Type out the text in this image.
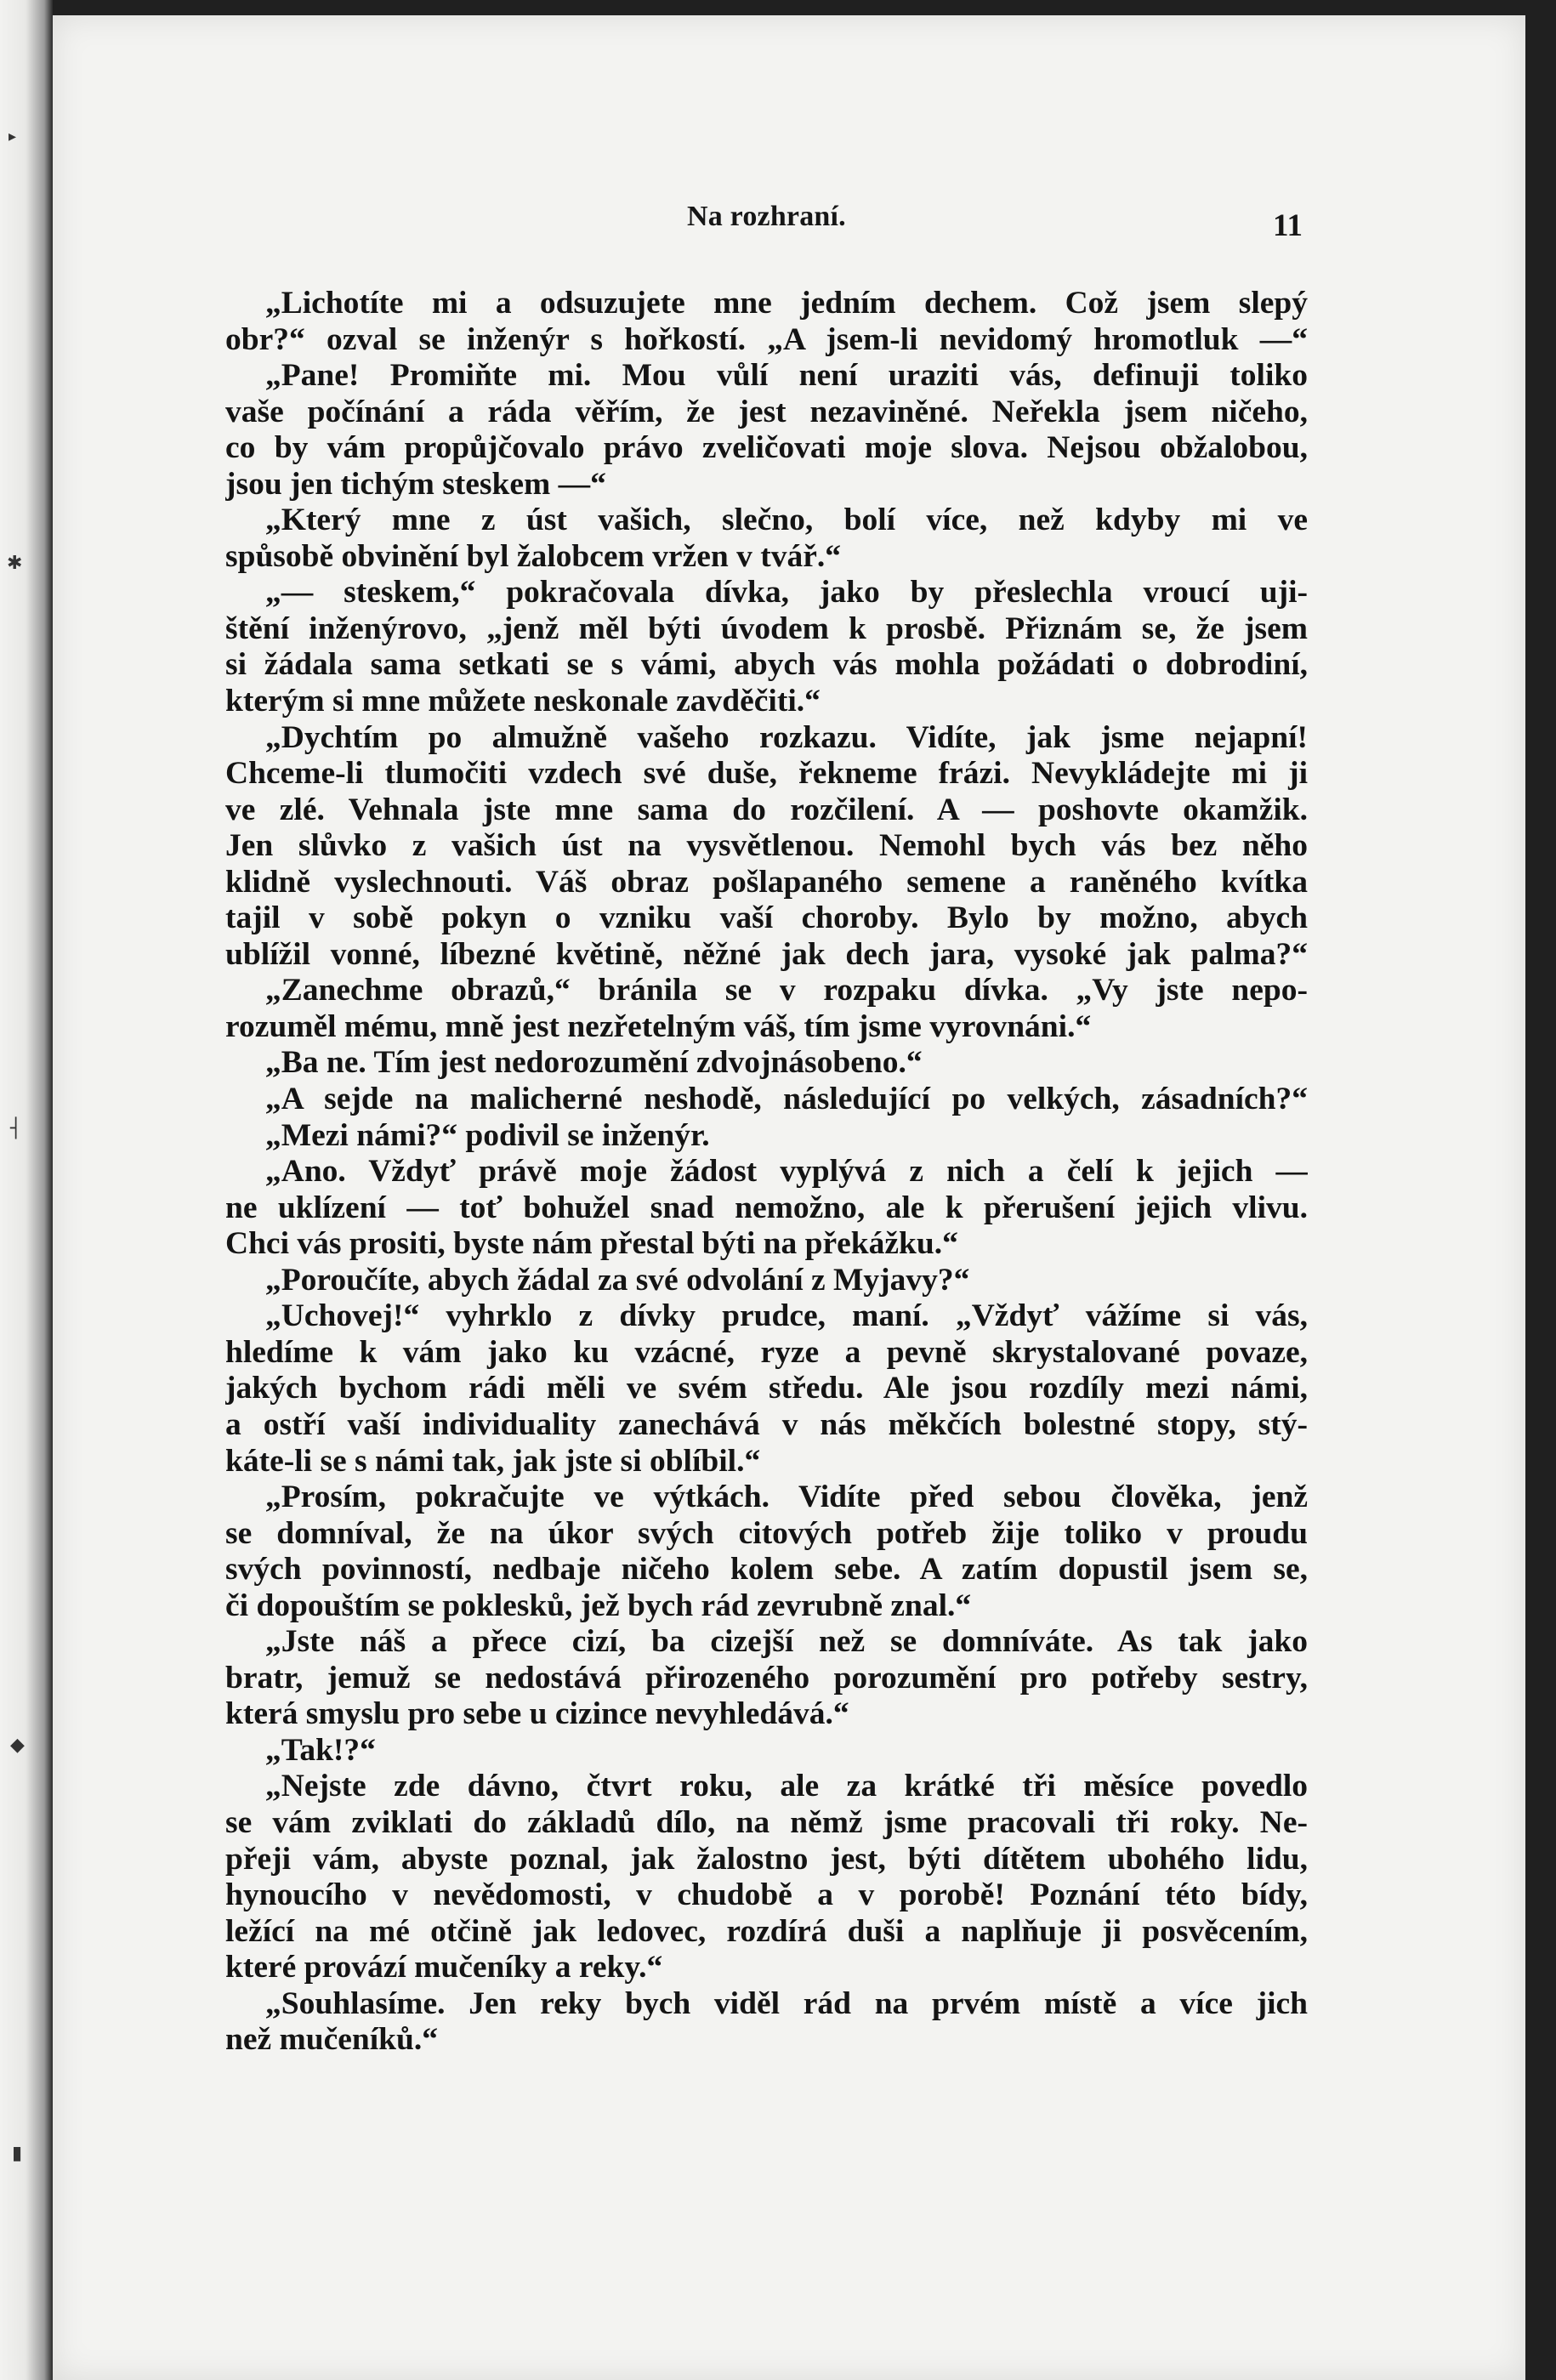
Na rozhraní.	11
„Lichotíte mi a odsuzujete mne jedním dechem. Což jsem slepý
obr?“ ozval se inženýr s hořkostí. „A jsem-li nevidomý hromotluk —“
„Pane! Promiňte mi. Mou vůlí není uraziti vás, definuji toliko
vaše počínání a ráda věřím, že jest nezaviněné. Neřekla jsem ničeho,
co by vám propůjčovalo právo zveličovati moje slova. Nejsou obžalobou,
jsou jen tichým steskem —“
„Který mne z úst vašich, slečno, bolí více, než kdyby mi ve
spůsobě obvinění byl žalobcem vržen v tvář.“
„— steskem,“ pokračovala dívka, jako by přeslechla vroucí uji-
štění inženýrovo, „jenž měl býti úvodem k prosbě. Přiznám se, že jsem
si žádala sama setkati se s vámi, abych vás mohla požádati o dobrodiní,
kterým si mne můžete neskonale zavděčiti.“
„Dychtím po almužně vašeho rozkazu. Vidíte, jak jsme nejapní!
Chceme-li tlumočiti vzdech své duše, řekneme frázi. Nevykládejte mi ji
ve zlé. Vehnala jste mne sama do rozčilení. A — poshovte okamžik.
Jen slůvko z vašich úst na vysvětlenou. Nemohl bych vás bez něho
klidně vyslechnouti. Váš obraz pošlapaného semene a raněného kvítka
tajil v sobě pokyn o vzniku vaší choroby. Bylo by možno, abych
ublížil vonné, líbezné květině, něžné jak dech jara, vysoké jak palma?“
„Zanechme obrazů,“ bránila se v rozpaku dívka. „Vy jste nepo-
rozuměl mému, mně jest nezřetelným váš, tím jsme vyrovnáni.“
„Ba ne. Tím jest nedorozumění zdvojnásobeno.“
„A sejde na malicherné neshodě, následující po velkých, zásadních?“
„Mezi námi?“ podivil se inženýr.
„Ano. Vždyť právě moje žádost vyplývá z nich a čelí k jejich —
ne uklízení — toť bohužel snad nemožno, ale k přerušení jejich vlivu.
Chci vás prositi, byste nám přestal býti na překážku.“
„Poroučíte, abych žádal za své odvolání z Myjavy?“
„Uchovej!“ vyhrklo z dívky prudce, maní. „Vždyť vážíme si vás,
hledíme k vám jako ku vzácné, ryze a pevně skrystalované povaze,
jakých bychom rádi měli ve svém středu. Ale jsou rozdíly mezi námi,
a ostří vaší individuality zanechává v nás měkčích bolestné stopy, stý-
káte-li se s námi tak, jak jste si oblíbil.“
„Prosím, pokračujte ve výtkách. Vidíte před sebou člověka, jenž
se domníval, že na úkor svých citových potřeb žije toliko v proudu
svých povinností, nedbaje ničeho kolem sebe. A zatím dopustil jsem se,
či dopouštím se poklesků, jež bych rád zevrubně znal.“
„Jste náš a přece cizí, ba cizejší než se domníváte. As tak jako
bratr, jemuž se nedostává přirozeného porozumění pro potřeby sestry,
která smyslu pro sebe u cizince nevyhledává.“
„Tak!?“
„Nejste zde dávno, čtvrt roku, ale za krátké tři měsíce povedlo
se vám zviklati do základů dílo, na němž jsme pracovali tři roky. Ne-
přeji vám, abyste poznal, jak žalostno jest, býti dítětem ubohého lidu,
hynoucího v nevědomosti, v chudobě a v porobě! Poznání této bídy,
ležící na mé otčině jak ledovec, rozdírá duši a naplňuje ji posvěcením,
které provází mučeníky a reky.“
„Souhlasíme. Jen reky bych viděl rád na prvém místě a více jich
než mučeníků.“
▸
✱
┤
◆
▮
